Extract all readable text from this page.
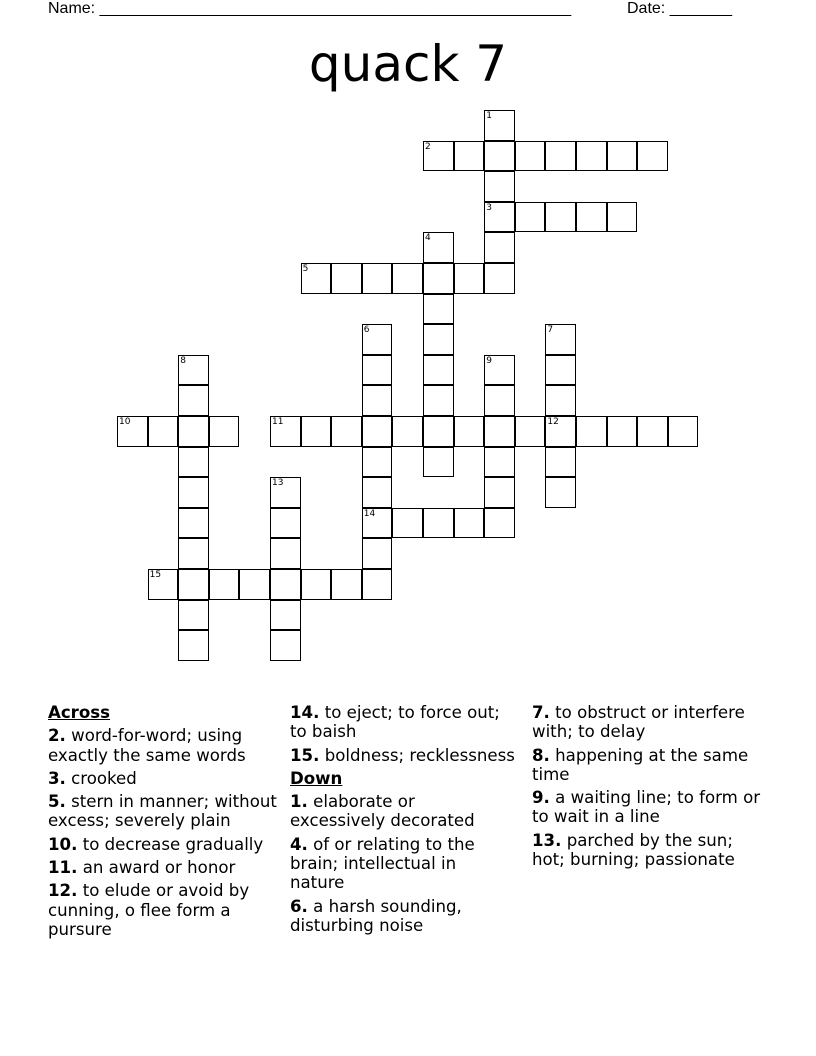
Name: _____________________________________________________	Date: _______
quack 7
1
2
3
4
5
6	7
8	9
10	11	12
13
14
15
Across
2. word-for-word; using exactly the same words
3. crooked
5. stern in manner; without excess; severely plain
10. to decrease gradually
11. an award or honor
12. to elude or avoid by cunning, o flee form a pursure
14. to eject; to force out; to baish
15. boldness; recklessness
Down
1. elaborate or excessively decorated
4. of or relating to the brain; intellectual in nature
6. a harsh sounding, disturbing noise
7. to obstruct or interfere with; to delay
8. happening at the same time
9. a waiting line; to form or to wait in a line
13. parched by the sun; hot; burning; passionate
